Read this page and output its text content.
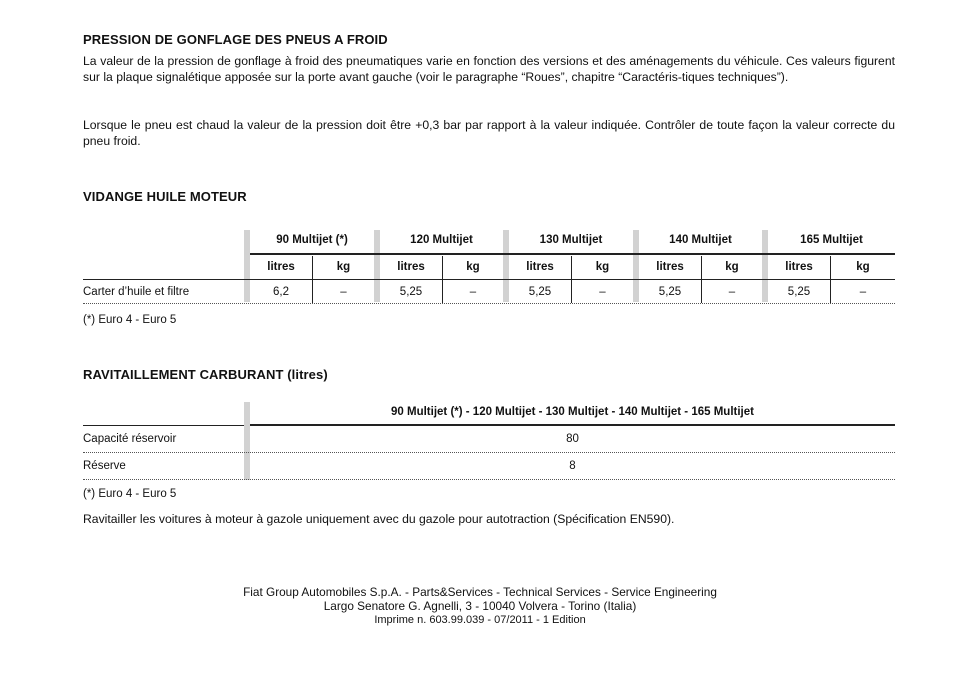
PRESSION DE GONFLAGE DES PNEUS A FROID

La valeur de la pression de gonflage à froid des pneumatiques varie en fonction des versions et des aménagements du véhicule. Ces valeurs figurent sur la plaque signalétique apposée sur la porte avant gauche (voir le paragraphe “Roues”, chapitre “Caractéris-tiques techniques”).

Lorsque le pneu est chaud la valeur de la pression doit être +0,3 bar par rapport à la valeur indiquée. Contrôler de toute façon la valeur correcte du pneu froid.

VIDANGE HUILE MOTEUR
90 Multijet (*)	120 Multijet	130 Multijet	140 Multijet	165 Multijet
litres	kg	litres	kg	litres	kg	litres	kg	litres	kg
Carter d’huile et filtre	6,2	–	5,25	–	5,25	–	5,25	–	5,25	–
(*) Euro 4 - Euro 5
RAVITAILLEMENT CARBURANT (litres)
90 Multijet (*) - 120 Multijet - 130 Multijet - 140 Multijet - 165 Multijet
Capacité réservoir	80
Réserve	8
(*) Euro 4 - Euro 5
Ravitailler les voitures à moteur à gazole uniquement avec du gazole pour autotraction (Spécification EN590).
Fiat Group Automobiles S.p.A. - Parts&Services - Technical Services - Service Engineering
Largo Senatore G. Agnelli, 3 - 10040 Volvera - Torino (Italia)
Imprime n. 603.99.039 - 07/2011 - 1 Edition
